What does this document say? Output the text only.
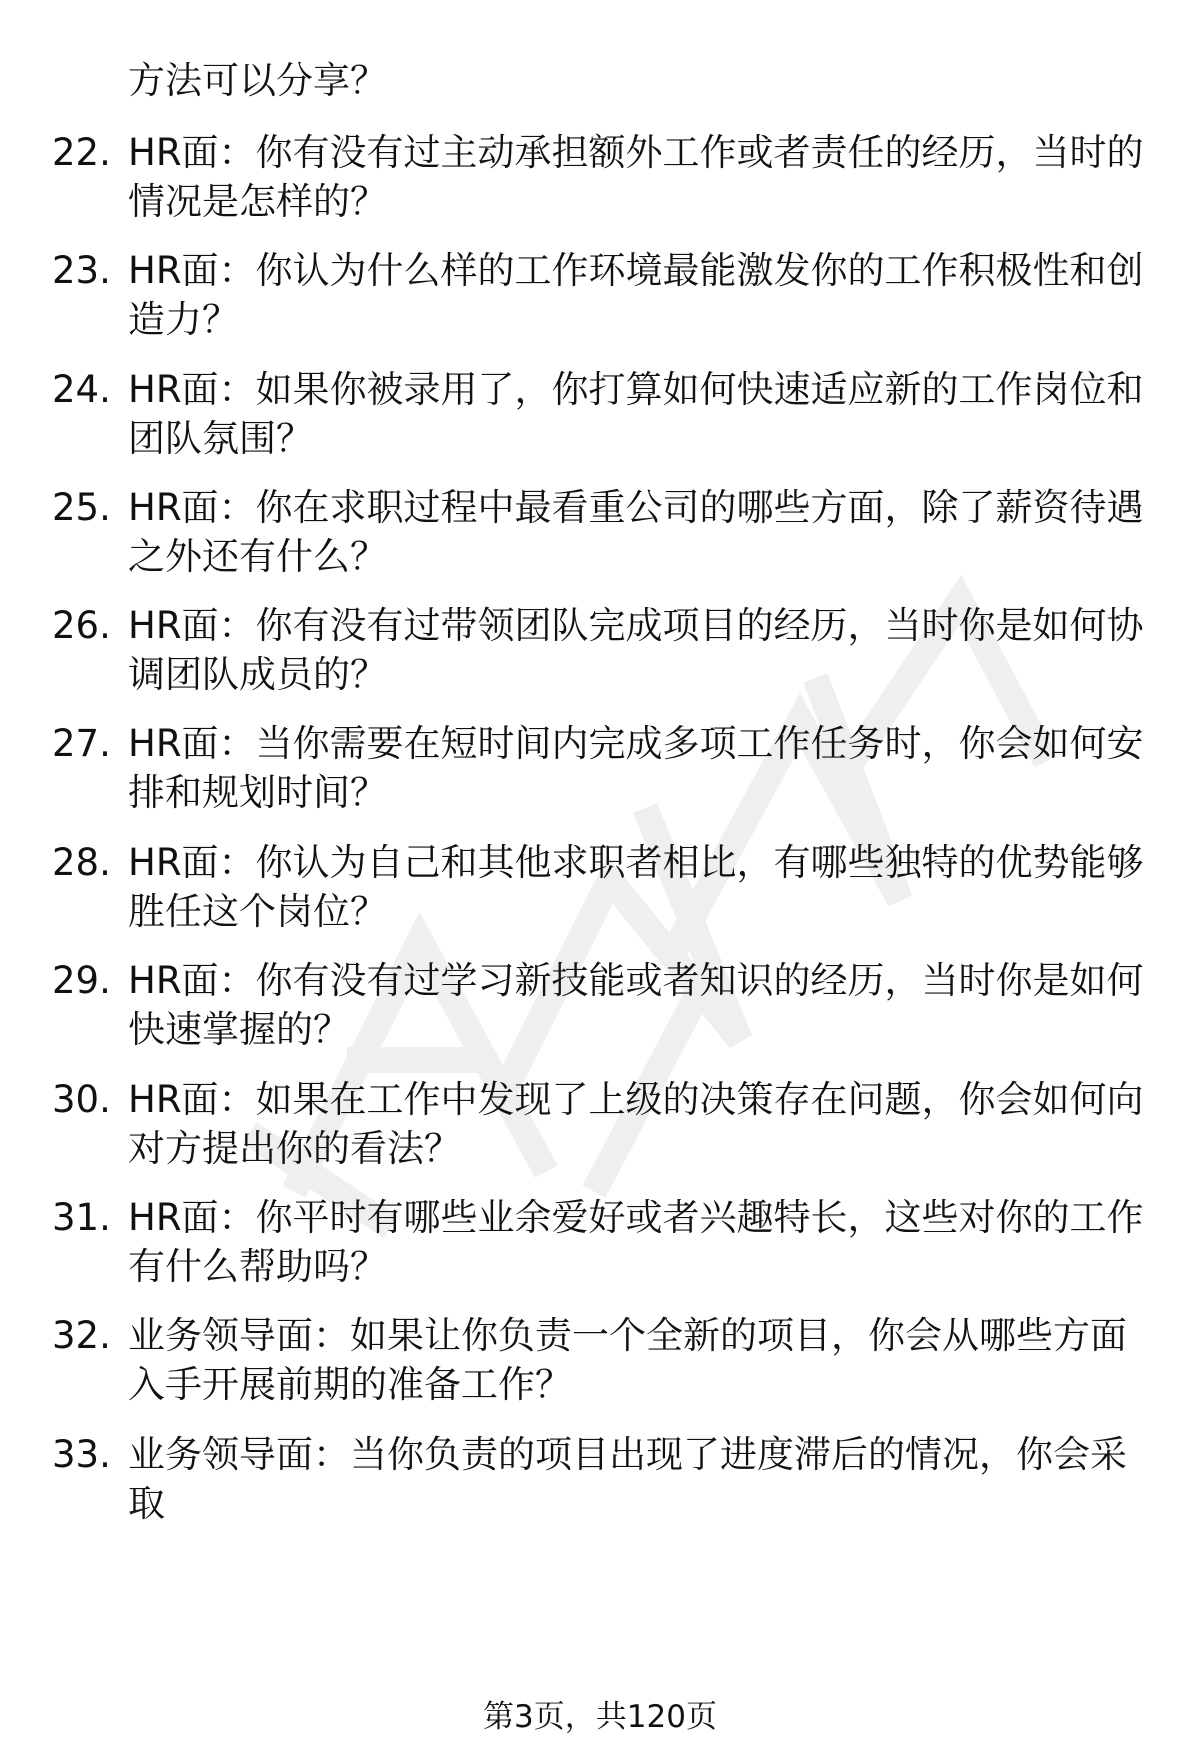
方法可以分享？
22. HR面：你有没有过主动承担额外工作或者责任的经历，当时的情况是怎样的？
23. HR面：你认为什么样的工作环境最能激发你的工作积极性和创造力？
24. HR面：如果你被录用了，你打算如何快速适应新的工作岗位和团队氛围？
25. HR面：你在求职过程中最看重公司的哪些方面，除了薪资待遇之外还有什么？
26. HR面：你有没有过带领团队完成项目的经历，当时你是如何协调团队成员的？
27. HR面：当你需要在短时间内完成多项工作任务时，你会如何安排和规划时间？
28. HR面：你认为自己和其他求职者相比，有哪些独特的优势能够胜任这个岗位？
29. HR面：你有没有过学习新技能或者知识的经历，当时你是如何快速掌握的？
30. HR面：如果在工作中发现了上级的决策存在问题，你会如何向对方提出你的看法？
31. HR面：你平时有哪些业余爱好或者兴趣特长，这些对你的工作有什么帮助吗？
32. 业务领导面：如果让你负责一个全新的项目，你会从哪些方面入手开展前期的准备工作？
33. 业务领导面：当你负责的项目出现了进度滞后的情况，你会采取
第3页，共120页
